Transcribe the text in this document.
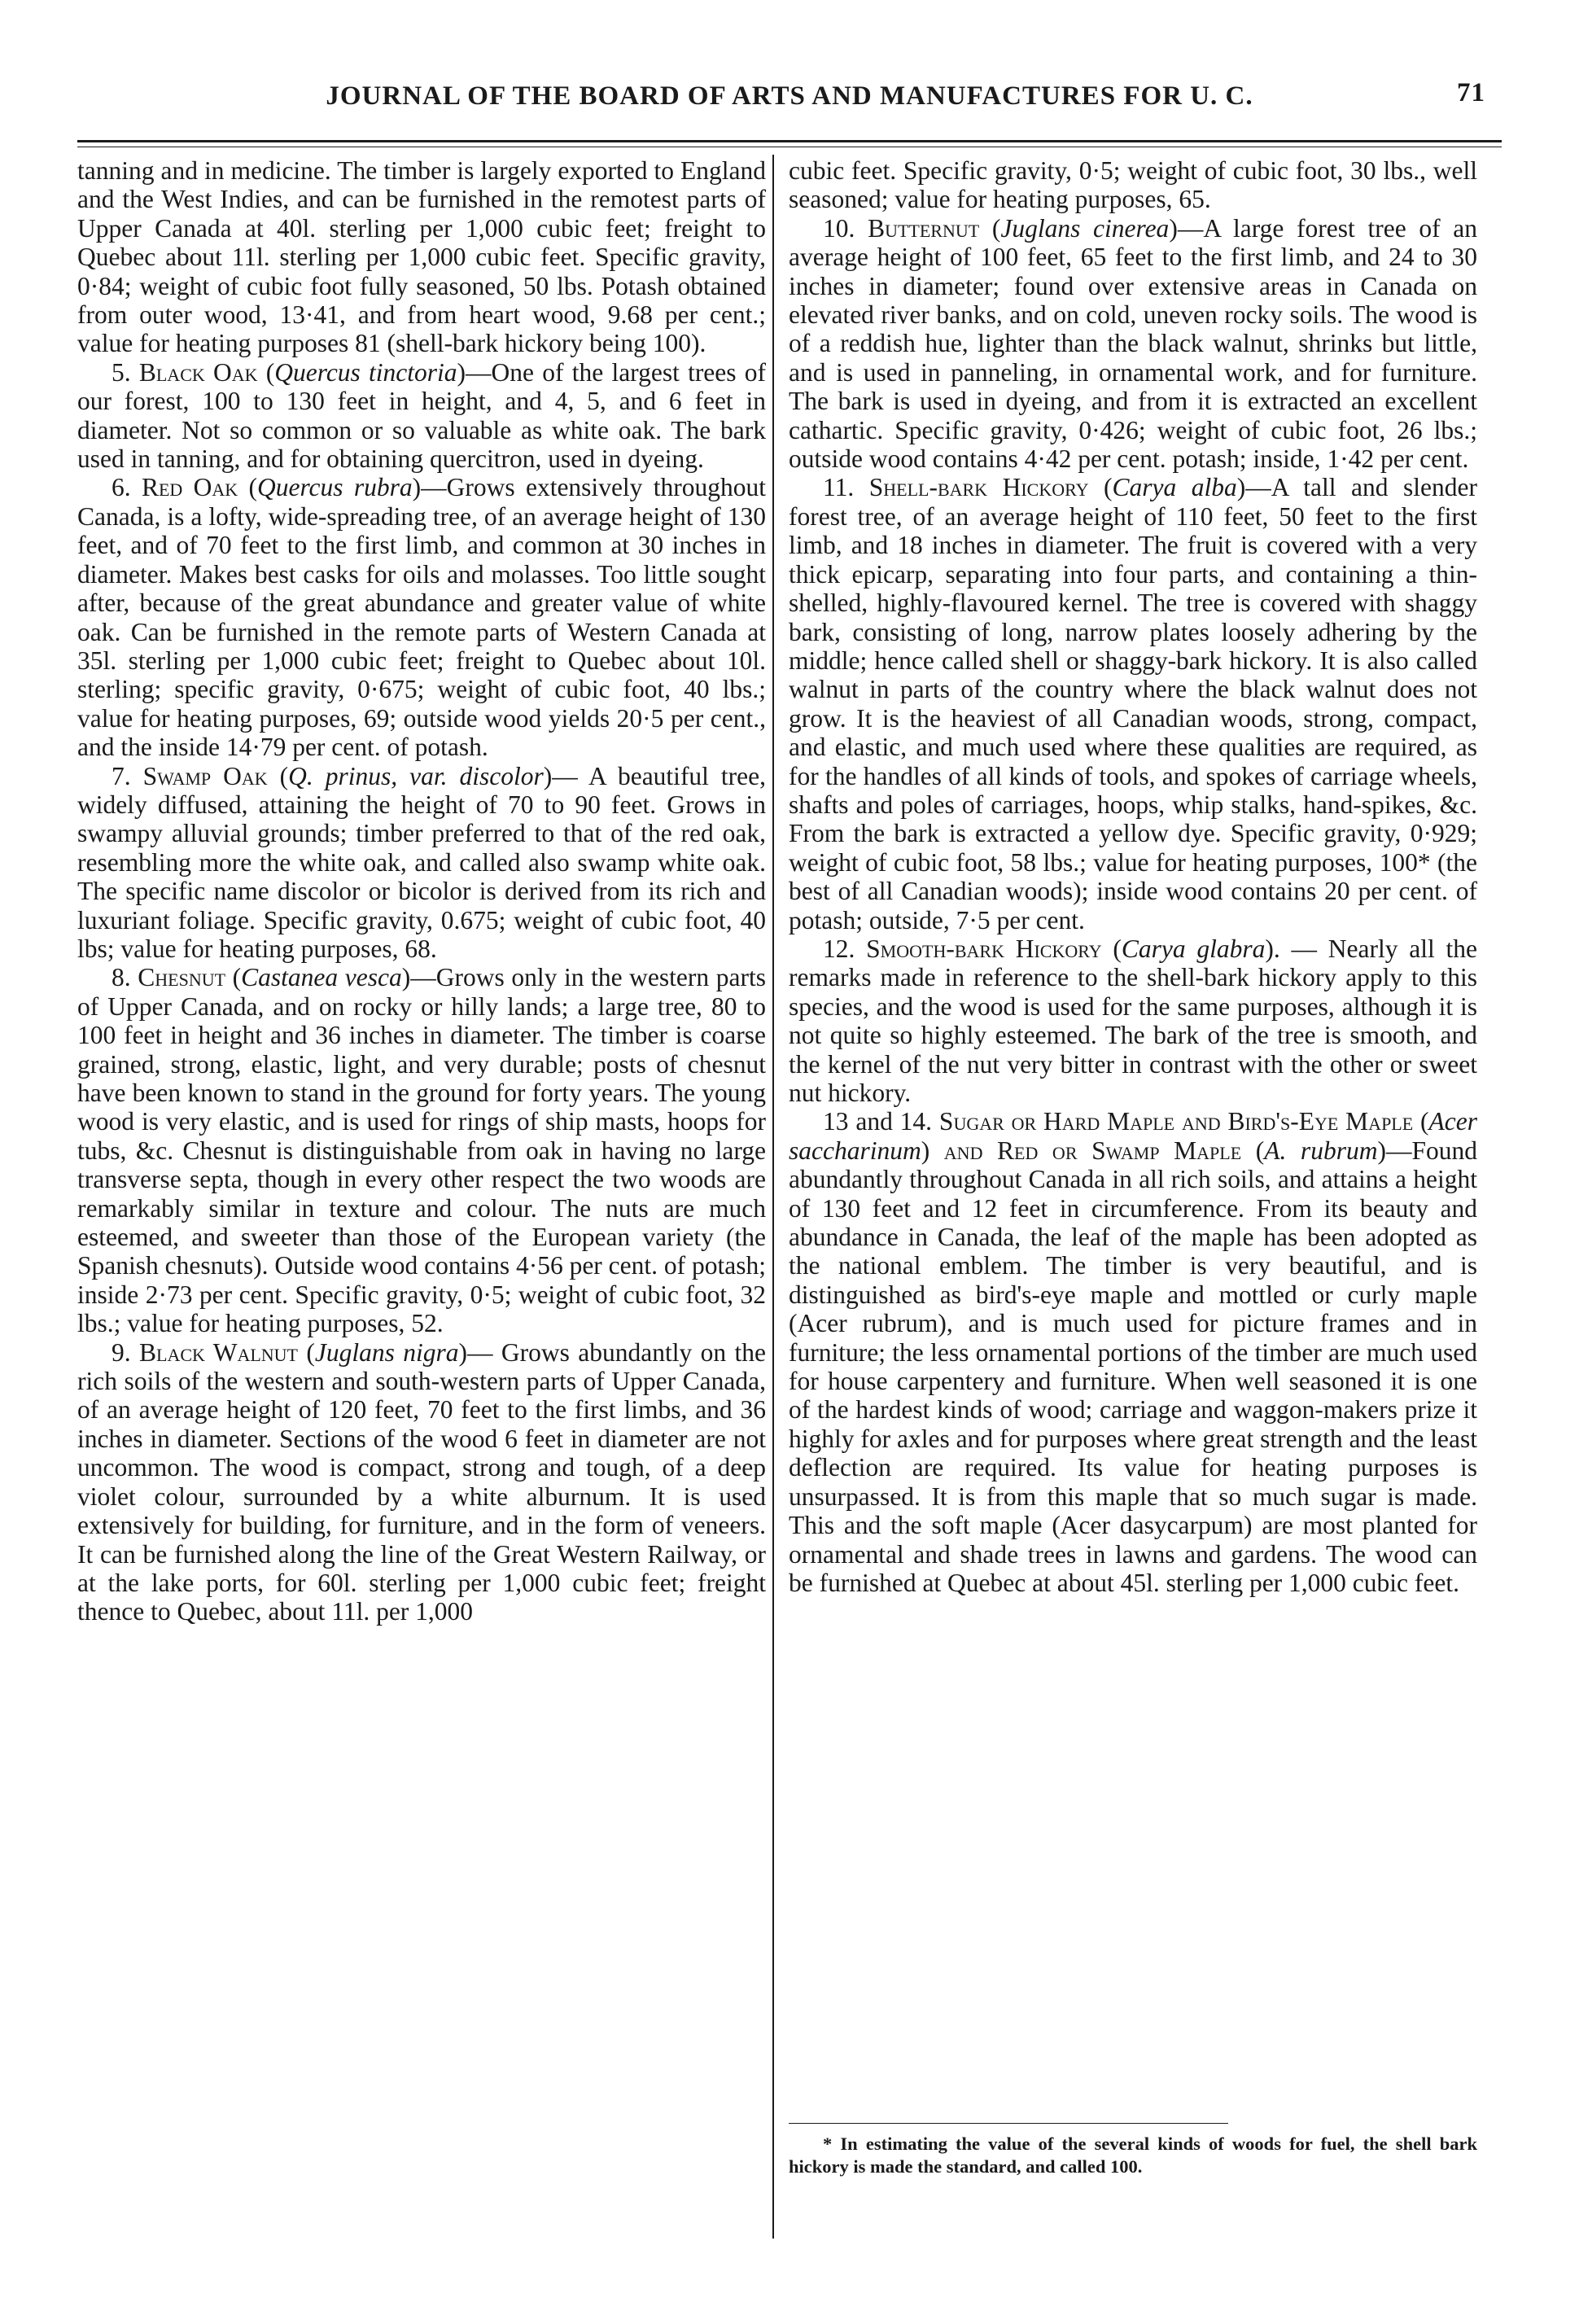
JOURNAL OF THE BOARD OF ARTS AND MANUFACTURES FOR U. C.	71

tanning and in medicine. The timber is largely exported to England and the West Indies, and can be furnished in the remotest parts of Upper Canada at 40l. sterling per 1,000 cubic feet; freight to Quebec about 11l. sterling per 1,000 cubic feet. Specific gravity, 0·84; weight of cubic foot fully seasoned, 50 lbs. Potash obtained from outer wood, 13·41, and from heart wood, 9.68 per cent.; value for heating purposes 81 (shell-bark hickory being 100).

5. Black Oak (Quercus tinctoria)—One of the largest trees of our forest, 100 to 130 feet in height, and 4, 5, and 6 feet in diameter. Not so common or so valuable as white oak. The bark used in tanning, and for obtaining quercitron, used in dyeing.

6. Red Oak (Quercus rubra)—Grows extensively throughout Canada, is a lofty, wide-spreading tree, of an average height of 130 feet, and of 70 feet to the first limb, and common at 30 inches in diameter. Makes best casks for oils and molasses. Too little sought after, because of the great abundance and greater value of white oak. Can be furnished in the remote parts of Western Canada at 35l. sterling per 1,000 cubic feet; freight to Quebec about 10l. sterling; specific gravity, 0·675; weight of cubic foot, 40 lbs.; value for heating purposes, 69; outside wood yields 20·5 per cent., and the inside 14·79 per cent. of potash.

7. Swamp Oak (Q. prinus, var. discolor)— A beautiful tree, widely diffused, attaining the height of 70 to 90 feet. Grows in swampy alluvial grounds; timber preferred to that of the red oak, resembling more the white oak, and called also swamp white oak. The specific name discolor or bicolor is derived from its rich and luxuriant foliage. Specific gravity, 0.675; weight of cubic foot, 40 lbs; value for heating purposes, 68.

8. Chesnut (Castanea vesca)—Grows only in the western parts of Upper Canada, and on rocky or hilly lands; a large tree, 80 to 100 feet in height and 36 inches in diameter. The timber is coarse grained, strong, elastic, light, and very durable; posts of chesnut have been known to stand in the ground for forty years. The young wood is very elastic, and is used for rings of ship masts, hoops for tubs, &c. Chesnut is distinguishable from oak in having no large transverse septa, though in every other respect the two woods are remarkably similar in texture and colour. The nuts are much esteemed, and sweeter than those of the European variety (the Spanish chesnuts). Outside wood contains 4·56 per cent. of potash; inside 2·73 per cent. Specific gravity, 0·5; weight of cubic foot, 32 lbs.; value for heating purposes, 52.

9. Black Walnut (Juglans nigra)— Grows abundantly on the rich soils of the western and south-western parts of Upper Canada, of an average height of 120 feet, 70 feet to the first limbs, and 36 inches in diameter. Sections of the wood 6 feet in diameter are not uncommon. The wood is compact, strong and tough, of a deep violet colour, surrounded by a white alburnum. It is used extensively for building, for furniture, and in the form of veneers. It can be furnished along the line of the Great Western Railway, or at the lake ports, for 60l. sterling per 1,000 cubic feet; freight thence to Quebec, about 11l. per 1,000

cubic feet. Specific gravity, 0·5; weight of cubic foot, 30 lbs., well seasoned; value for heating purposes, 65.

10. Butternut (Juglans cinerea)—A large forest tree of an average height of 100 feet, 65 feet to the first limb, and 24 to 30 inches in diameter; found over extensive areas in Canada on elevated river banks, and on cold, uneven rocky soils. The wood is of a reddish hue, lighter than the black walnut, shrinks but little, and is used in panneling, in ornamental work, and for furniture. The bark is used in dyeing, and from it is extracted an excellent cathartic. Specific gravity, 0·426; weight of cubic foot, 26 lbs.; outside wood contains 4·42 per cent. potash; inside, 1·42 per cent.

11. Shell-bark Hickory (Carya alba)—A tall and slender forest tree, of an average height of 110 feet, 50 feet to the first limb, and 18 inches in diameter. The fruit is covered with a very thick epicarp, separating into four parts, and containing a thin-shelled, highly-flavoured kernel. The tree is covered with shaggy bark, consisting of long, narrow plates loosely adhering by the middle; hence called shell or shaggy-bark hickory. It is also called walnut in parts of the country where the black walnut does not grow. It is the heaviest of all Canadian woods, strong, compact, and elastic, and much used where these qualities are required, as for the handles of all kinds of tools, and spokes of carriage wheels, shafts and poles of carriages, hoops, whip stalks, hand-spikes, &c. From the bark is extracted a yellow dye. Specific gravity, 0·929; weight of cubic foot, 58 lbs.; value for heating purposes, 100* (the best of all Canadian woods); inside wood contains 20 per cent. of potash; outside, 7·5 per cent.

12. Smooth-bark Hickory (Carya glabra). — Nearly all the remarks made in reference to the shell-bark hickory apply to this species, and the wood is used for the same purposes, although it is not quite so highly esteemed. The bark of the tree is smooth, and the kernel of the nut very bitter in contrast with the other or sweet nut hickory.

13 and 14. Sugar or Hard Maple and Bird's-Eye Maple (Acer saccharinum) and Red or Swamp Maple (A. rubrum)—Found abundantly throughout Canada in all rich soils, and attains a height of 130 feet and 12 feet in circumference. From its beauty and abundance in Canada, the leaf of the maple has been adopted as the national emblem. The timber is very beautiful, and is distinguished as bird's-eye maple and mottled or curly maple (Acer rubrum), and is much used for picture frames and in furniture; the less ornamental portions of the timber are much used for house carpentery and furniture. When well seasoned it is one of the hardest kinds of wood; carriage and waggon-makers prize it highly for axles and for purposes where great strength and the least deflection are required. Its value for heating purposes is unsurpassed. It is from this maple that so much sugar is made. This and the soft maple (Acer dasycarpum) are most planted for ornamental and shade trees in lawns and gardens. The wood can be furnished at Quebec at about 45l. sterling per 1,000 cubic feet.

* In estimating the value of the several kinds of woods for fuel, the shell bark hickory is made the standard, and called 100.
